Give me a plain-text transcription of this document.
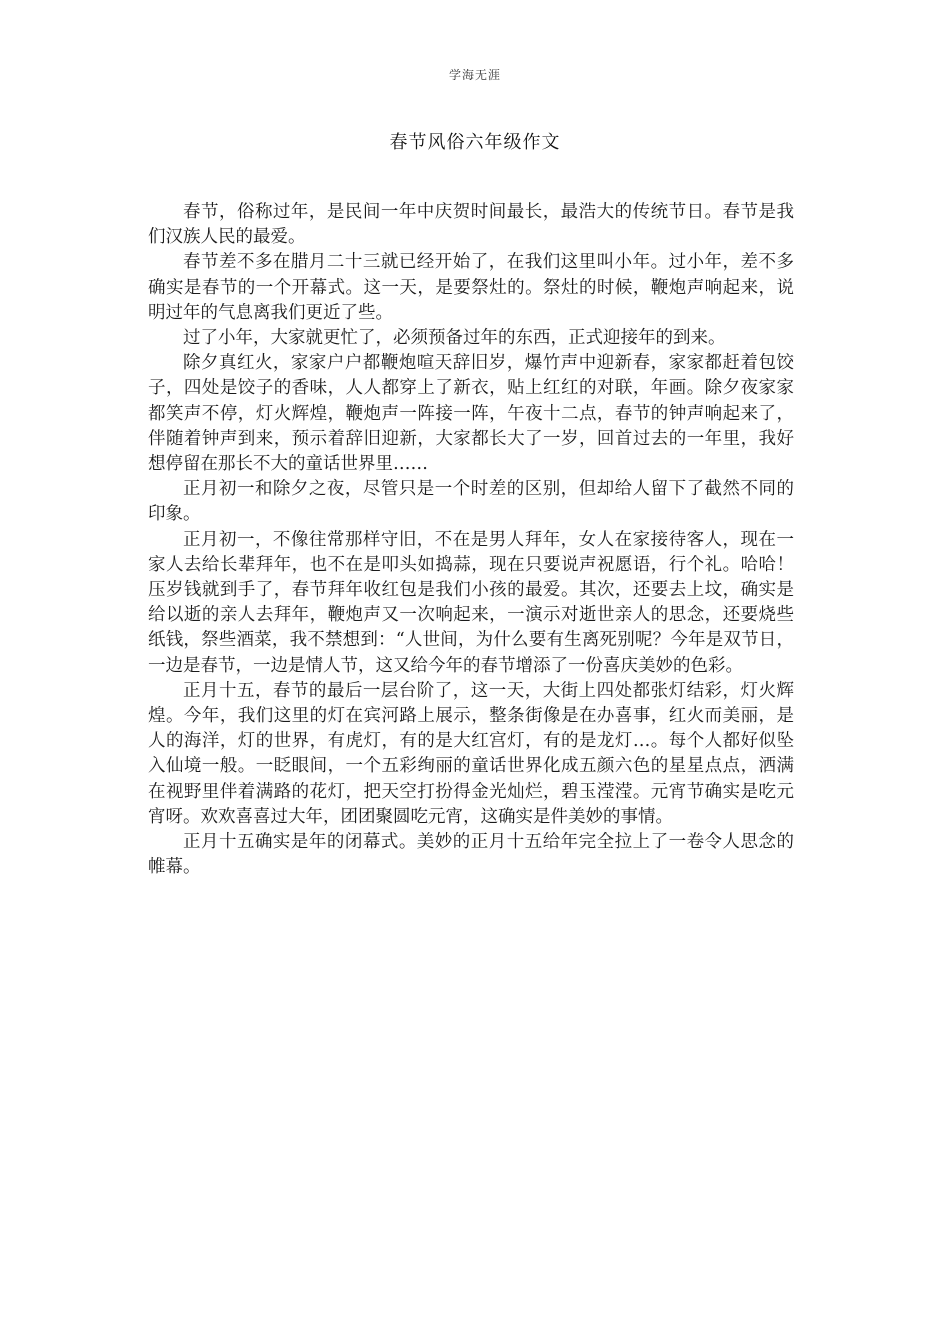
学海无涯
春节风俗六年级作文

春节，俗称过年，是民间一年中庆贺时间最长，最浩大的传统节日。春节是我们汉族人民的最爱。

春节差不多在腊月二十三就已经开始了，在我们这里叫小年。过小年，差不多确实是春节的一个开幕式。这一天，是要祭灶的。祭灶的时候，鞭炮声响起来，说明过年的气息离我们更近了些。

过了小年，大家就更忙了，必须预备过年的东西，正式迎接年的到来。

除夕真红火，家家户户都鞭炮喧天辞旧岁，爆竹声中迎新春，家家都赶着包饺子，四处是饺子的香味，人人都穿上了新衣，贴上红红的对联，年画。除夕夜家家都笑声不停，灯火辉煌，鞭炮声一阵接一阵，午夜十二点，春节的钟声响起来了，伴随着钟声到来，预示着辞旧迎新，大家都长大了一岁，回首过去的一年里，我好想停留在那长不大的童话世界里……

正月初一和除夕之夜，尽管只是一个时差的区别，但却给人留下了截然不同的印象。

正月初一，不像往常那样守旧，不在是男人拜年，女人在家接待客人，现在一家人去给长辈拜年，也不在是叩头如捣蒜，现在只要说声祝愿语，行个礼。哈哈！压岁钱就到手了，春节拜年收红包是我们小孩的最爱。其次，还要去上坟，确实是给以逝的亲人去拜年，鞭炮声又一次响起来，一演示对逝世亲人的思念，还要烧些纸钱，祭些酒菜，我不禁想到：“人世间，为什么要有生离死别呢？今年是双节日，一边是春节，一边是情人节，这又给今年的春节增添了一份喜庆美妙的色彩。

正月十五，春节的最后一层台阶了，这一天，大街上四处都张灯结彩，灯火辉煌。今年，我们这里的灯在宾河路上展示，整条街像是在办喜事，红火而美丽，是人的海洋，灯的世界，有虎灯，有的是大红宫灯，有的是龙灯…。每个人都好似坠入仙境一般。一眨眼间，一个五彩绚丽的童话世界化成五颜六色的星星点点，洒满在视野里伴着满路的花灯，把天空打扮得金光灿烂，碧玉滢滢。元宵节确实是吃元宵呀。欢欢喜喜过大年，团团聚圆吃元宵，这确实是件美妙的事情。

正月十五确实是年的闭幕式。美妙的正月十五给年完全拉上了一卷令人思念的帷幕。
